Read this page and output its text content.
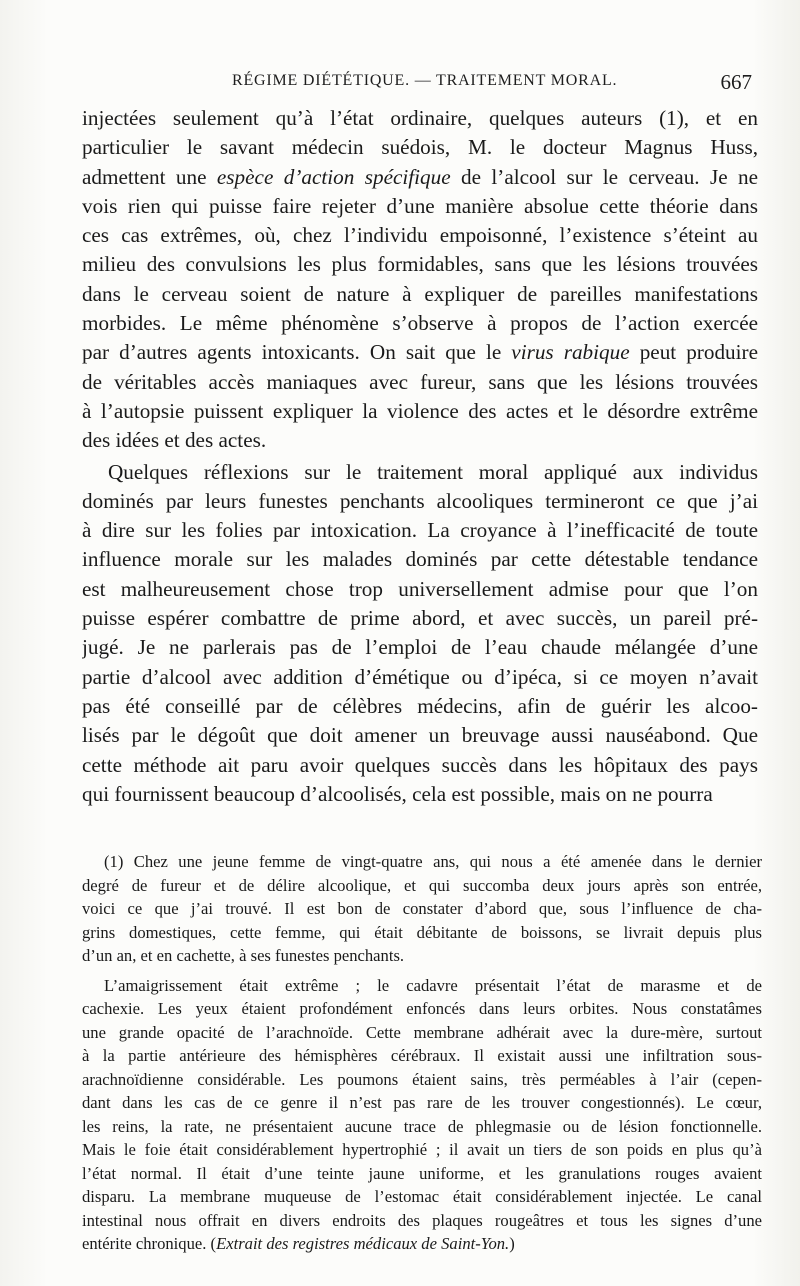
RÉGIME DIÉTÉTIQUE. — TRAITEMENT MORAL.	667

injectées seulement qu’à l’état ordinaire, quelques auteurs (1), et en
particulier le savant médecin suédois, M. le docteur Magnus Huss,
admettent une espèce d’action spécifique de l’alcool sur le cerveau. Je ne
vois rien qui puisse faire rejeter d’une manière absolue cette théorie dans
ces cas extrêmes, où, chez l’individu empoisonné, l’existence s’éteint au
milieu des convulsions les plus formidables, sans que les lésions trouvées
dans le cerveau soient de nature à expliquer de pareilles manifestations
morbides. Le même phénomène s’observe à propos de l’action exercée
par d’autres agents intoxicants. On sait que le virus rabique peut produire
de véritables accès maniaques avec fureur, sans que les lésions trouvées
à l’autopsie puissent expliquer la violence des actes et le désordre extrême
des idées et des actes.

Quelques réflexions sur le traitement moral appliqué aux individus
dominés par leurs funestes penchants alcooliques termineront ce que j’ai
à dire sur les folies par intoxication. La croyance à l’inefficacité de toute
influence morale sur les malades dominés par cette détestable tendance
est malheureusement chose trop universellement admise pour que l’on
puisse espérer combattre de prime abord, et avec succès, un pareil pré-
jugé. Je ne parlerais pas de l’emploi de l’eau chaude mélangée d’une
partie d’alcool avec addition d’émétique ou d’ipéca, si ce moyen n’avait
pas été conseillé par de célèbres médecins, afin de guérir les alcoo-
lisés par le dégoût que doit amener un breuvage aussi nauséabond. Que
cette méthode ait paru avoir quelques succès dans les hôpitaux des pays
qui fournissent beaucoup d’alcoolisés, cela est possible, mais on ne pourra

(1) Chez une jeune femme de vingt-quatre ans, qui nous a été amenée dans le dernier
degré de fureur et de délire alcoolique, et qui succomba deux jours après son entrée,
voici ce que j’ai trouvé. Il est bon de constater d’abord que, sous l’influence de cha-
grins domestiques, cette femme, qui était débitante de boissons, se livrait depuis plus
d’un an, et en cachette, à ses funestes penchants.

L’amaigrissement était extrême ; le cadavre présentait l’état de marasme et de
cachexie. Les yeux étaient profondément enfoncés dans leurs orbites. Nous constatâmes
une grande opacité de l’arachnoïde. Cette membrane adhérait avec la dure-mère, surtout
à la partie antérieure des hémisphères cérébraux. Il existait aussi une infiltration sous-
arachnoïdienne considérable. Les poumons étaient sains, très perméables à l’air (cepen-
dant dans les cas de ce genre il n’est pas rare de les trouver congestionnés). Le cœur,
les reins, la rate, ne présentaient aucune trace de phlegmasie ou de lésion fonctionnelle.
Mais le foie était considérablement hypertrophié ; il avait un tiers de son poids en plus qu’à
l’état normal. Il était d’une teinte jaune uniforme, et les granulations rouges avaient
disparu. La membrane muqueuse de l’estomac était considérablement injectée. Le canal
intestinal nous offrait en divers endroits des plaques rougeâtres et tous les signes d’une
entérite chronique. (Extrait des registres médicaux de Saint-Yon.)
